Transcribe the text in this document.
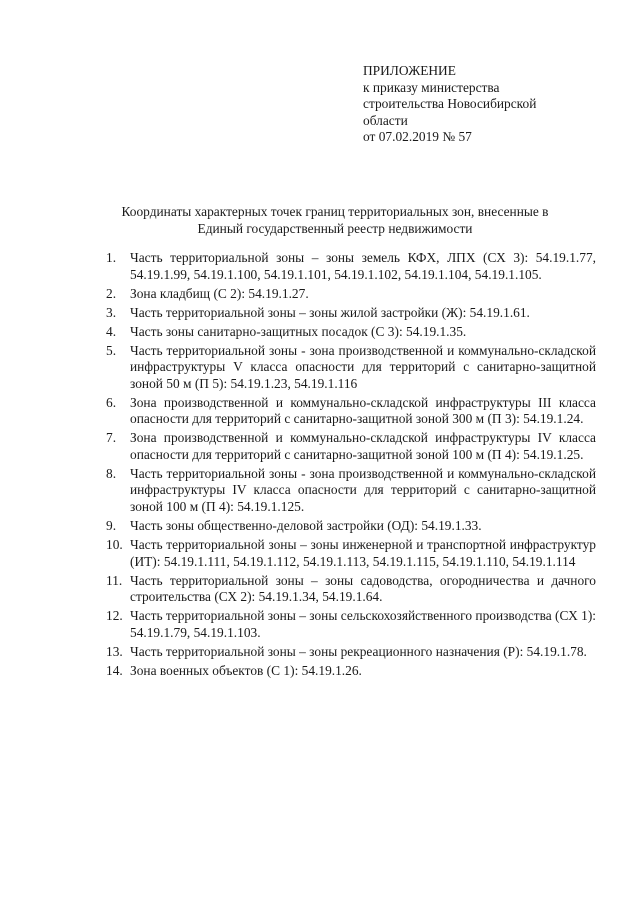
ПРИЛОЖЕНИЕ
к приказу министерства
строительства Новосибирской
области
от 07.02.2019 № 57
Координаты характерных точек границ территориальных зон, внесенные в
Единый государственный реестр недвижимости
1. Часть территориальной зоны – зоны земель КФХ, ЛПХ (СХ 3): 54.19.1.77, 54.19.1.99, 54.19.1.100, 54.19.1.101, 54.19.1.102, 54.19.1.104, 54.19.1.105.
2. Зона кладбищ (С 2): 54.19.1.27.
3. Часть территориальной зоны – зоны жилой застройки (Ж): 54.19.1.61.
4. Часть зоны санитарно-защитных посадок (С 3): 54.19.1.35.
5. Часть территориальной зоны - зона производственной и коммунально-складской инфраструктуры V класса опасности для территорий с санитарно-защитной зоной 50 м (П 5): 54.19.1.23, 54.19.1.116
6. Зона производственной и коммунально-складской инфраструктуры III класса опасности для территорий с санитарно-защитной зоной 300 м (П 3): 54.19.1.24.
7. Зона производственной и коммунально-складской инфраструктуры IV класса опасности для территорий с санитарно-защитной зоной 100 м (П 4): 54.19.1.25.
8. Часть территориальной зоны - зона производственной и коммунально-складской инфраструктуры IV класса опасности для территорий с санитарно-защитной зоной 100 м (П 4): 54.19.1.125.
9. Часть зоны общественно-деловой застройки (ОД): 54.19.1.33.
10. Часть территориальной зоны – зоны инженерной и транспортной инфраструктур (ИТ): 54.19.1.111, 54.19.1.112, 54.19.1.113, 54.19.1.115, 54.19.1.110, 54.19.1.114
11. Часть территориальной зоны – зоны садоводства, огородничества и дачного строительства (СХ 2): 54.19.1.34, 54.19.1.64.
12. Часть территориальной зоны – зоны сельскохозяйственного производства (СХ 1): 54.19.1.79, 54.19.1.103.
13. Часть территориальной зоны – зоны рекреационного назначения (Р): 54.19.1.78.
14. Зона военных объектов (С 1): 54.19.1.26.
